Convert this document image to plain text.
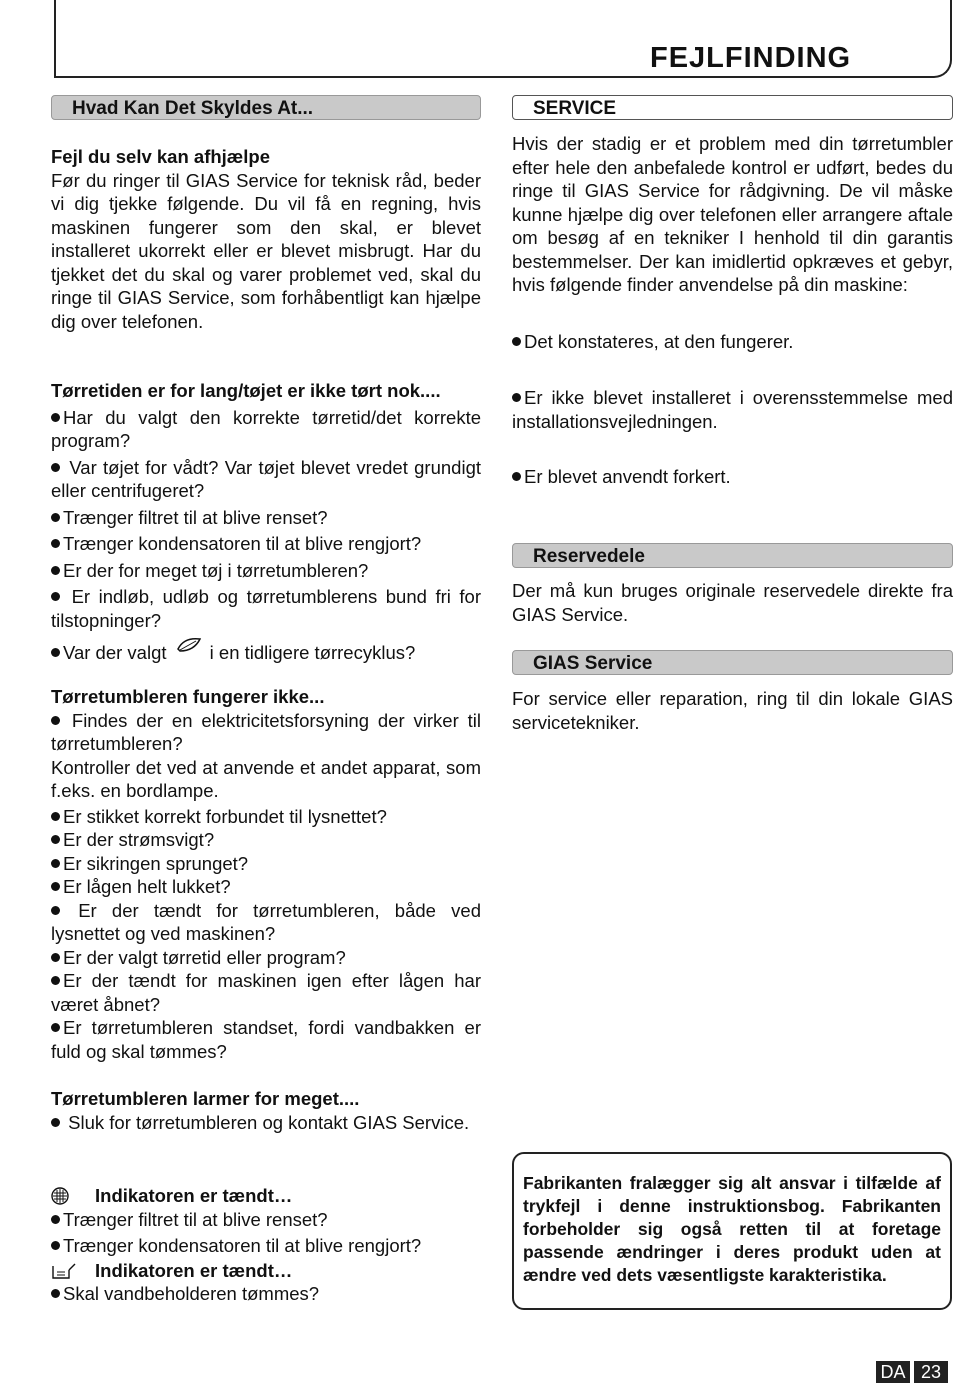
FEJLFINDING
Hvad Kan Det Skyldes At...

Fejl du selv kan afhjælpe

Før du ringer til GIAS Service for teknisk råd, beder vi dig tjekke følgende. Du vil få en regning, hvis maskinen fungerer som den skal, er blevet installeret ukorrekt eller er blevet misbrugt. Har du tjekket det du skal og varer problemet ved, skal du ringe til GIAS Service, som forhåbentligt kan hjælpe dig over telefonen.

Tørretiden er for lang/tøjet er ikke tørt nok....

Har du valgt den korrekte tørretid/det korrekte program?

Var tøjet for vådt? Var tøjet blevet vredet grundigt eller centrifugeret?

Trænger filtret til at blive renset?

Trænger kondensatoren til at blive rengjort?

Er der for meget tøj i tørretumbleren?

Er indløb, udløb og tørretumblerens bund fri for tilstopninger?

Var der valgt i en tidligere tørrecyklus?

Tørretumbleren fungerer ikke...

Findes der en elektricitetsforsyning der virker til tørretumbleren?

Kontroller det ved at anvende et andet apparat, som f.eks. en bordlampe.

Er stikket korrekt forbundet til lysnettet?

Er der strømsvigt?

Er sikringen sprunget?

Er lågen helt lukket?

Er der tændt for tørretumbleren, både ved lysnettet og ved maskinen?

Er der valgt tørretid eller program?

Er der tændt for maskinen igen efter lågen har været åbnet?

Er tørretumbleren standset, fordi vandbakken er fuld og skal tømmes?

Tørretumbleren larmer for meget....

Sluk for tørretumbleren og kontakt GIAS Service.

Indikatoren er tændt…

Trænger filtret til at blive renset?

Trænger kondensatoren til at blive rengjort?

Indikatoren er tændt…

Skal vandbeholderen tømmes?

SERVICE

Hvis der stadig er et problem med din tørretumbler efter hele den anbefalede kontrol er udført, bedes du ringe til GIAS Service for rådgivning. De vil måske kunne hjælpe dig over telefonen eller arrangere aftale om besøg af en tekniker I henhold til din garantis bestemmelser. Der kan imidlertid opkræves et gebyr, hvis følgende finder anvendelse på din maskine:

Det konstateres, at den fungerer.

Er ikke blevet installeret i overensstemmelse med installationsvejledningen.

Er blevet anvendt forkert.

Reservedele

Der må kun bruges originale reservedele direkte fra GIAS Service.

GIAS Service

For service eller reparation, ring til din lokale GIAS servicetekniker.

Fabrikanten fralægger sig alt ansvar i tilfælde af trykfejl i denne instruktionsbog. Fabrikanten forbeholder sig også retten til at foretage passende ændringer i deres produkt uden at ændre ved dets væsentligste karakteristika.
DA 23
